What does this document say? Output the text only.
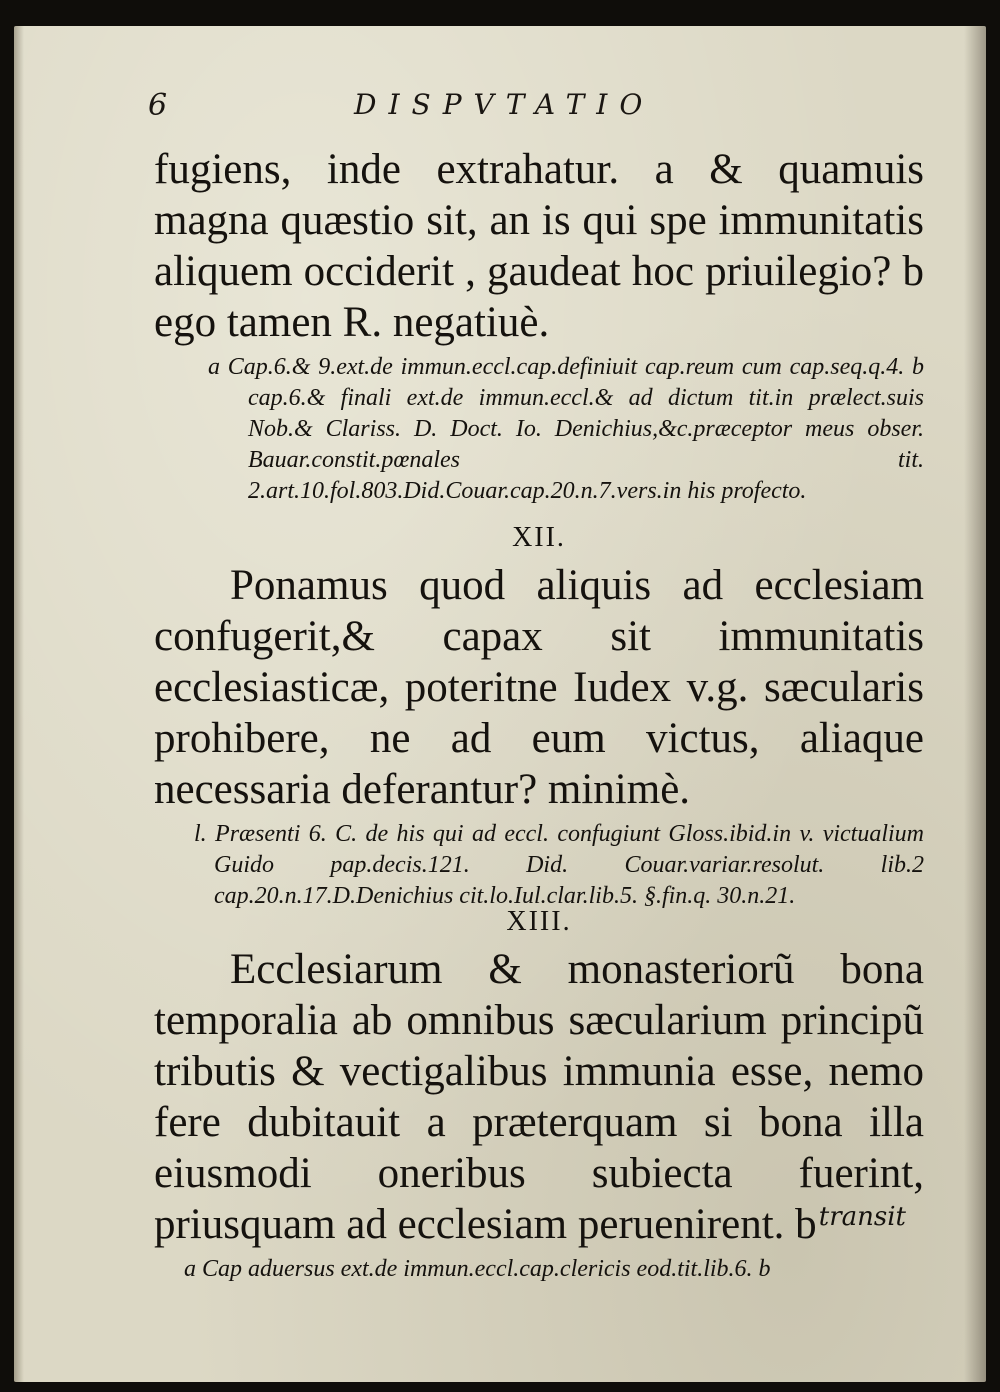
6	DISPVTATIO

fugiens, inde extrahatur. a & quamuis magna quæstio sit, an is qui spe immunitatis aliquem occiderit , gaudeat hoc priuilegio? b ego tamen R. negatiuè.

a Cap.6.& 9.ext.de immun.eccl.cap.definiuit cap.reum cum cap.seq.q.4. b cap.6.& finali ext.de immun.eccl.& ad dictum tit.in prælect.suis Nob.& Clariss. D. Doct. Io. Denichius,&c.præceptor meus obser. Bauar.constit.pœnales tit. 2.art.10.fol.803.Did.Couar.cap.20.n.7.vers.in his profecto.

XII.

Ponamus quod aliquis ad ecclesiam confugerit,& capax sit immunitatis ecclesiasticæ, poteritne Iudex v.g. sæcularis prohibere, ne ad eum victus, aliaque necessaria deferantur? minimè.

l. Præsenti 6. C. de his qui ad eccl. confugiunt Gloss.ibid.in v. victualium Guido pap.decis.121. Did. Couar.variar.resolut. lib.2 cap.20.n.17.D.Denichius cit.lo.Iul.clar.lib.5. §.fin.q. 30.n.21.

XIII.

Ecclesiarum & monasteriorũ bona temporalia ab omnibus sæcularium principũ tributis & vectigalibus immunia esse, nemo fere dubitauit a præterquam si bona illa eiusmodi oneribus subiecta fuerint, priusquam ad ecclesiam peruenirent. b

a Cap aduersus ext.de immun.eccl.cap.clericis eod.tit.lib.6. b

transit
